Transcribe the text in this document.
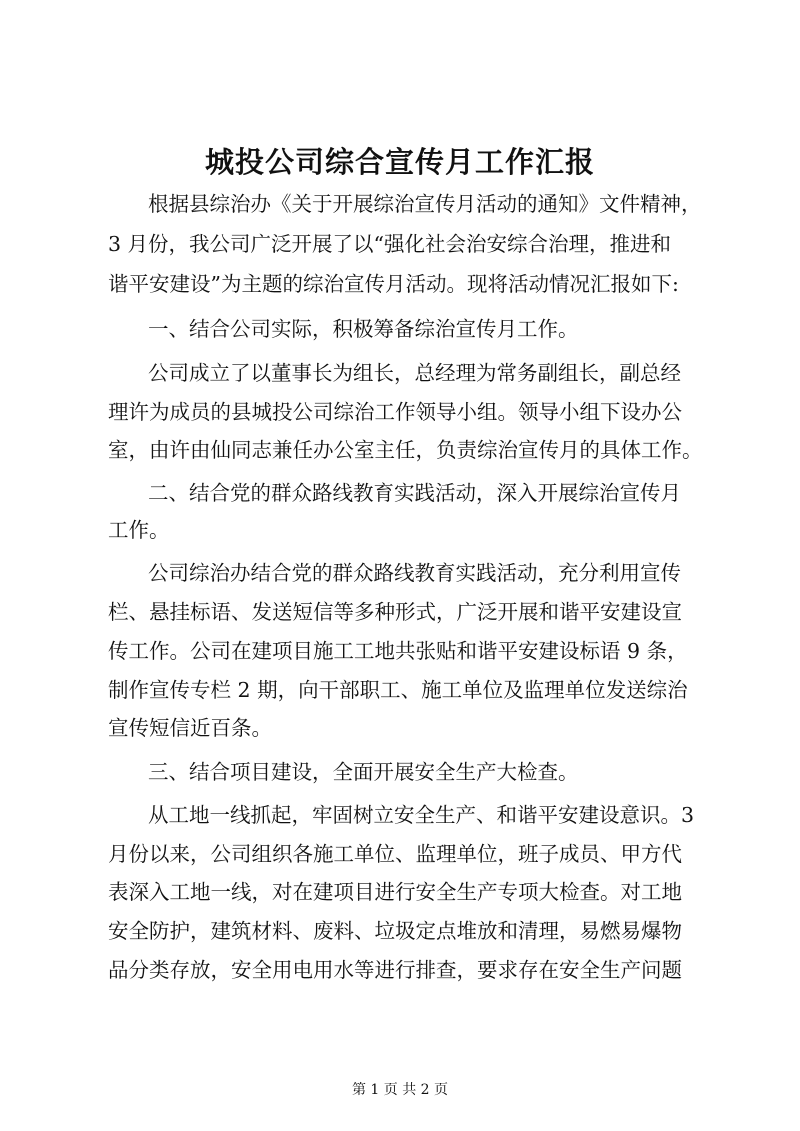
城投公司综合宣传月工作汇报
根据县综治办《关于开展综治宣传月活动的通知》文件精神，
3 月份，我公司广泛开展了以“强化社会治安综合治理，推进和
谐平安建设”为主题的综治宣传月活动。现将活动情况汇报如下:
一、结合公司实际，积极筹备综治宣传月工作。
公司成立了以董事长为组长，总经理为常务副组长，副总经
理许为成员的县城投公司综治工作领导小组。领导小组下设办公
室，由许由仙同志兼任办公室主任，负责综治宣传月的具体工作。
二、结合党的群众路线教育实践活动，深入开展综治宣传月
工作。
公司综治办结合党的群众路线教育实践活动，充分利用宣传
栏、悬挂标语、发送短信等多种形式，广泛开展和谐平安建设宣
传工作。公司在建项目施工工地共张贴和谐平安建设标语 9 条，
制作宣传专栏 2 期，向干部职工、施工单位及监理单位发送综治
宣传短信近百条。
三、结合项目建设，全面开展安全生产大检查。
从工地一线抓起，牢固树立安全生产、和谐平安建设意识。3
月份以来，公司组织各施工单位、监理单位，班子成员、甲方代
表深入工地一线，对在建项目进行安全生产专项大检查。对工地
安全防护，建筑材料、废料、垃圾定点堆放和清理，易燃易爆物
品分类存放，安全用电用水等进行排查，要求存在安全生产问题
第 1 页 共 2 页
